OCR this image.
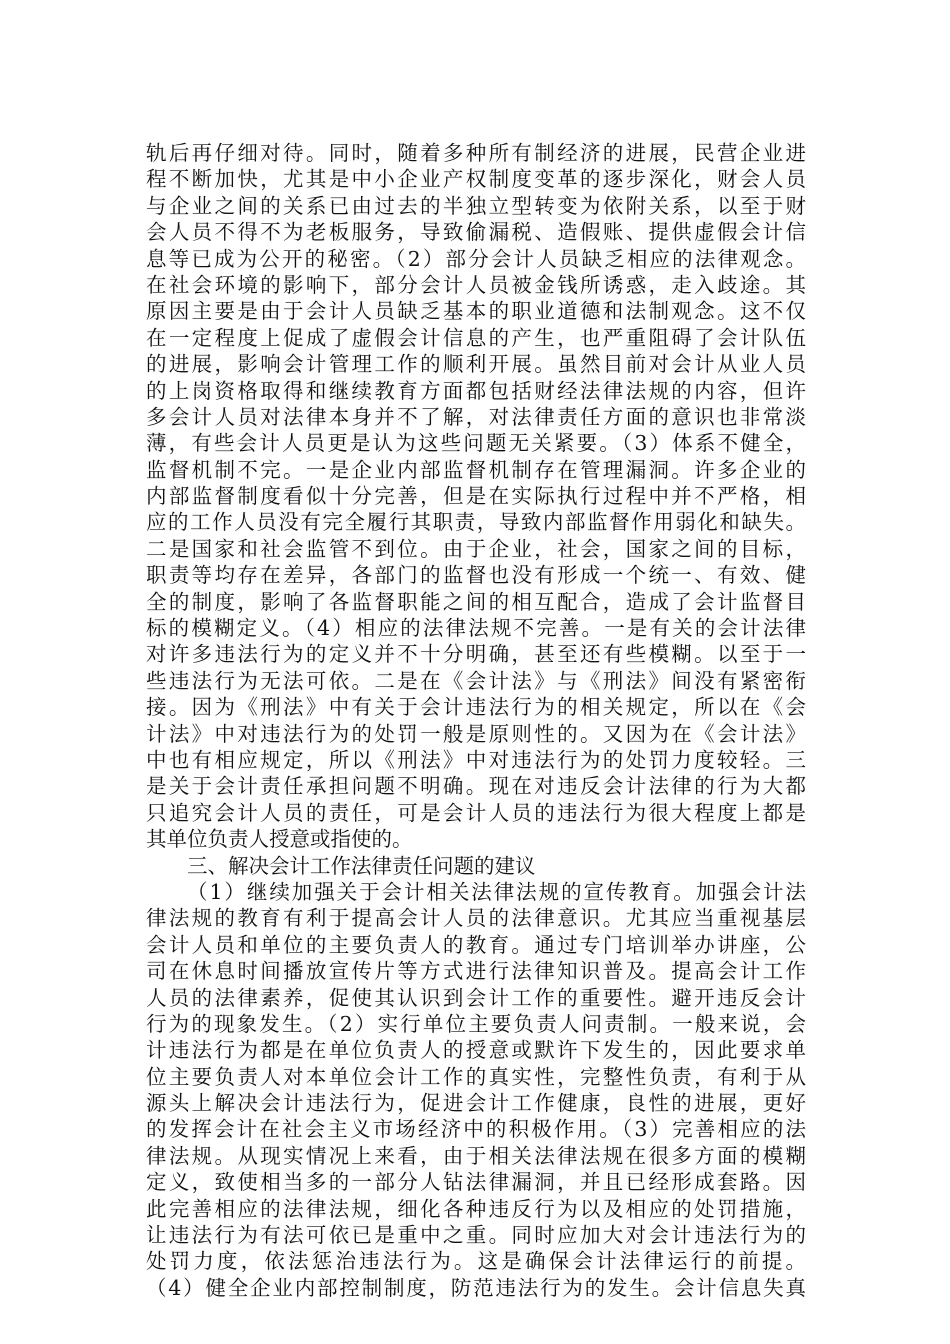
轨后再仔细对待。同时，随着多种所有制经济的进展，民营企业进
程不断加快，尤其是中小企业产权制度变革的逐步深化，财会人员
与企业之间的关系已由过去的半独立型转变为依附关系，以至于财
会人员不得不为老板服务，导致偷漏税、造假账、提供虚假会计信
息等已成为公开的秘密。（2）部分会计人员缺乏相应的法律观念。
在社会环境的影响下，部分会计人员被金钱所诱惑，走入歧途。其
原因主要是由于会计人员缺乏基本的职业道德和法制观念。这不仅
在一定程度上促成了虚假会计信息的产生，也严重阻碍了会计队伍
的进展，影响会计管理工作的顺利开展。虽然目前对会计从业人员
的上岗资格取得和继续教育方面都包括财经法律法规的内容，但许
多会计人员对法律本身并不了解，对法律责任方面的意识也非常淡
薄，有些会计人员更是认为这些问题无关紧要。（3）体系不健全，
监督机制不完。一是企业内部监督机制存在管理漏洞。许多企业的
内部监督制度看似十分完善，但是在实际执行过程中并不严格，相
应的工作人员没有完全履行其职责，导致内部监督作用弱化和缺失。
二是国家和社会监管不到位。由于企业，社会，国家之间的目标，
职责等均存在差异，各部门的监督也没有形成一个统一、有效、健
全的制度，影响了各监督职能之间的相互配合，造成了会计监督目
标的模糊定义。（4）相应的法律法规不完善。一是有关的会计法律
对许多违法行为的定义并不十分明确，甚至还有些模糊。以至于一
些违法行为无法可依。二是在《会计法》与《刑法》间没有紧密衔
接。因为《刑法》中有关于会计违法行为的相关规定，所以在《会
计法》中对违法行为的处罚一般是原则性的。又因为在《会计法》
中也有相应规定，所以《刑法》中对违法行为的处罚力度较轻。三
是关于会计责任承担问题不明确。现在对违反会计法律的行为大都
只追究会计人员的责任，可是会计人员的违法行为很大程度上都是
其单位负责人授意或指使的。
三、解决会计工作法律责任问题的建议
（1）继续加强关于会计相关法律法规的宣传教育。加强会计法
律法规的教育有利于提高会计人员的法律意识。尤其应当重视基层
会计人员和单位的主要负责人的教育。通过专门培训举办讲座，公
司在休息时间播放宣传片等方式进行法律知识普及。提高会计工作
人员的法律素养，促使其认识到会计工作的重要性。避开违反会计
行为的现象发生。（2）实行单位主要负责人问责制。一般来说，会
计违法行为都是在单位负责人的授意或默许下发生的，因此要求单
位主要负责人对本单位会计工作的真实性，完整性负责，有利于从
源头上解决会计违法行为，促进会计工作健康，良性的进展，更好
的发挥会计在社会主义市场经济中的积极作用。（3）完善相应的法
律法规。从现实情况上来看，由于相关法律法规在很多方面的模糊
定义，致使相当多的一部分人钻法律漏洞，并且已经形成套路。因
此完善相应的法律法规，细化各种违反行为以及相应的处罚措施，
让违法行为有法可依已是重中之重。同时应加大对会计违法行为的
处罚力度，依法惩治违法行为。这是确保会计法律运行的前提。
（4）健全企业内部控制制度，防范违法行为的发生。会计信息失真
